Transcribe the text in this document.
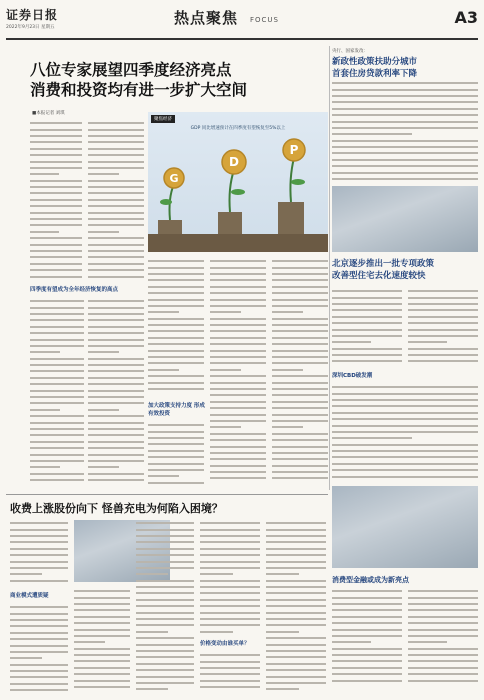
证券日报
2022年9月23日 星期五
热点聚焦 FOCUS	A3
八位专家展望四季度经济亮点
消费和投资均有进一步扩大空间
■本报记者 刘琪
聚焦经济
GDP 同比增速预计在四季度有望恢复至5%以上
G
D
P
四季度有望成为全年经济恢复的高点
加大政策支持力度 形成有效投资
央行、国家发改：
新政性政策扶助分城市
首套住房贷款利率下降
北京逐步推出一批专项政策
改善型住宅去化速度较快
深圳CBD破发潮
消费型金融或成为新亮点
收费上涨股份向下 怪兽充电为何陷入困境？
商业模式遭质疑
价格变动由谁买单？
